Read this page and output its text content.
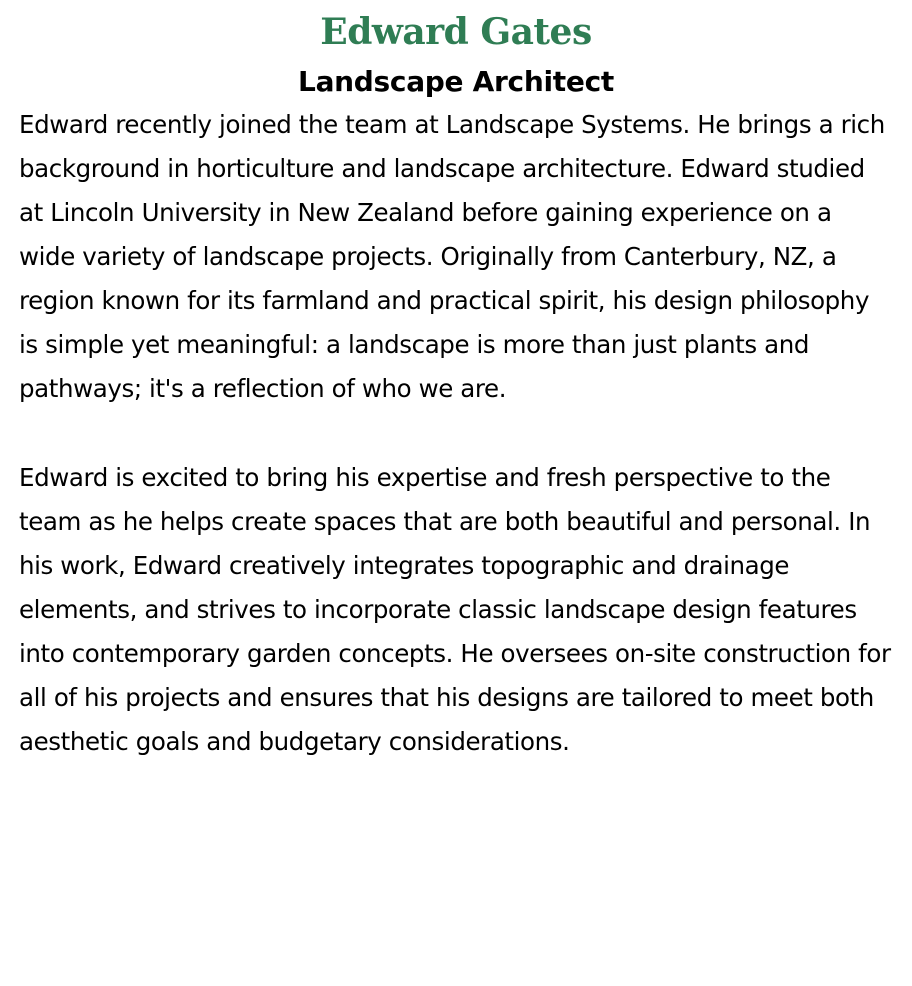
Edward Gates
Landscape Architect

Edward recently joined the team at Landscape Systems. He brings a rich background in horticulture and landscape architecture. Edward studied at Lincoln University in New Zealand before gaining experience on a wide variety of landscape projects. Originally from Canterbury, NZ, a region known for its farmland and practical spirit, his design philosophy is simple yet meaningful: a landscape is more than just plants and pathways; it's a reflection of who we are.

Edward is excited to bring his expertise and fresh perspective to the team as he helps create spaces that are both beautiful and personal. In his work, Edward creatively integrates topographic and drainage elements, and strives to incorporate classic landscape design features into contemporary garden concepts. He oversees on-site construction for all of his projects and ensures that his designs are tailored to meet both aesthetic goals and budgetary considerations.
